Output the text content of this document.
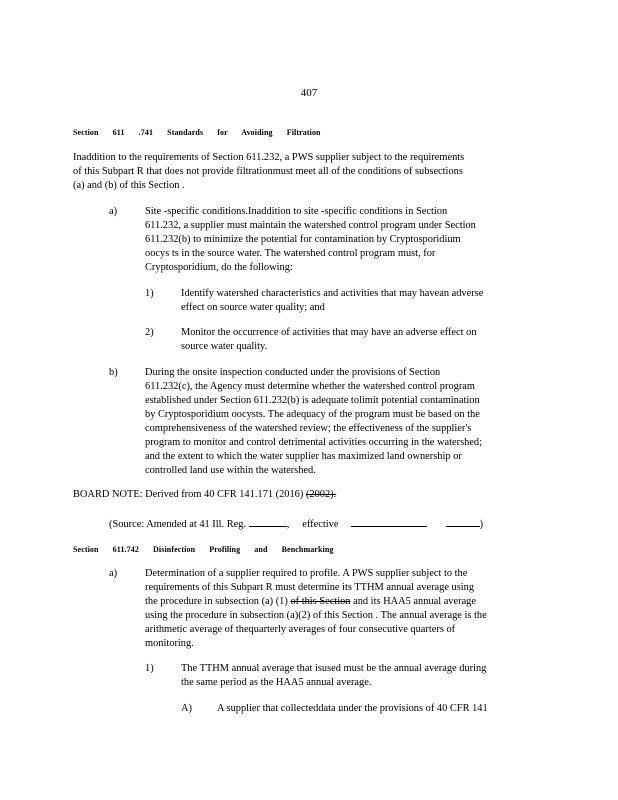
407
Section 611 .741 Standards for Avoiding Filtration
Inaddition to the requirements of Section 611.232, a PWS supplier subject to the requirements
of this Subpart R that does not provide filtrationmust meet all of the conditions of subsections
(a) and (b) of this Section .
a)	Site -specific conditions.Inaddition to site -specific conditions in Section
611.232, a supplier must maintain the watershed control program under Section
611.232(b) to minimize the potential for contamination by Cryptosporidium
oocys ts in the source water. The watershed control program must, for
Cryptosporidium, do the following:
1)	Identify watershed characteristics and activities that may havean adverse
effect on source water quality; and
2)	Monitor the occurrence of activities that may have an adverse effect on
source water quality.
b)	During the onsite inspection conducted under the provisions of Section
611.232(c), the Agency must determine whether the watershed control program
established under Section 611.232(b) is adequate tolimit potential contamination
by Cryptosporidium oocysts. The adequacy of the program must be based on the
comprehensiveness of the watershed review; the effectiveness of the supplier's
program to monitor and control detrimental activities occurring in the watershed;
and the extent to which the water supplier has maximized land ownership or
controlled land use within the watershed.
BOARD NOTE: Derived from 40 CFR 141.171 (2016) (2002).
(Source: Amended at 41 Ill. Reg.	, effective	)
Section 611.742 Disinfection Profiling and Benchmarking
a)	Determination of a supplier required to profile. A PWS supplier subject to the
requirements of this Subpart R must determine its TTHM annual average using
the procedure in subsection (a) (1) of this Section and its HAA5 annual average
using the procedure in subsection (a)(2) of this Section . The annual average is the
arithmetic average of thequarterly averages of four consecutive quarters of
monitoring.
1)	The TTHM annual average that isused must be the annual average during
the same period as the HAA5 annual average.
A) A supplier that collecteddata under the provisions of 40 CFR 141
